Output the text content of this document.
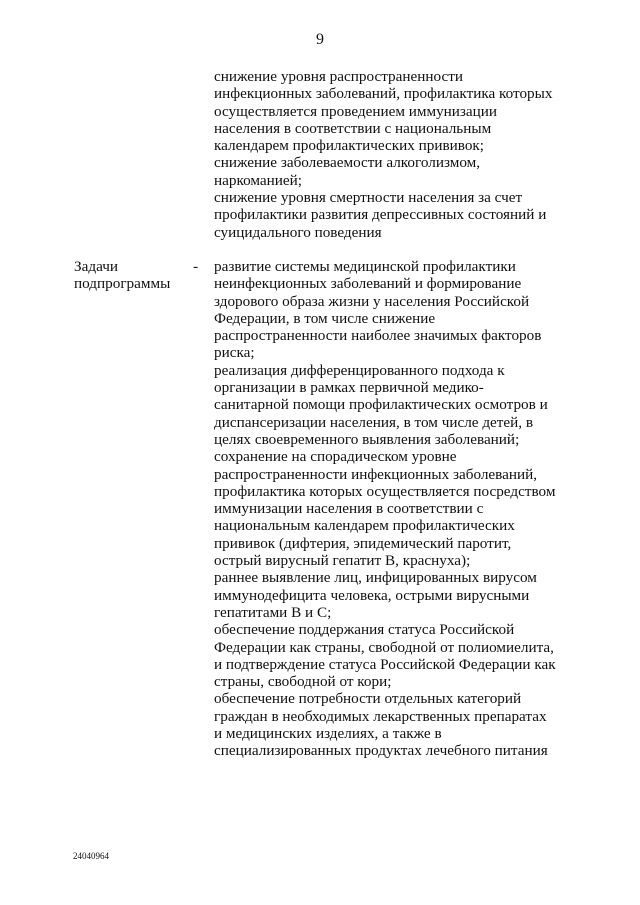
9
снижение уровня распространенности
инфекционных заболеваний, профилактика которых
осуществляется проведением иммунизации
населения в соответствии с национальным
календарем профилактических прививок;
снижение заболеваемости алкоголизмом,
наркоманией;
снижение уровня смертности населения за счет
профилактики развития депрессивных состояний и
суицидального поведения
Задачи
подпрограммы
- развитие системы медицинской профилактики
неинфекционных заболеваний и формирование
здорового образа жизни у населения Российской
Федерации, в том числе снижение
распространенности наиболее значимых факторов
риска;
реализация дифференцированного подхода к
организации в рамках первичной медико-
санитарной помощи профилактических осмотров и
диспансеризации населения, в том числе детей, в
целях своевременного выявления заболеваний;
сохранение на спорадическом уровне
распространенности инфекционных заболеваний,
профилактика которых осуществляется посредством
иммунизации населения в соответствии с
национальным календарем профилактических
прививок (дифтерия, эпидемический паротит,
острый вирусный гепатит В, краснуха);
раннее выявление лиц, инфицированных вирусом
иммунодефицита человека, острыми вирусными
гепатитами В и С;
обеспечение поддержания статуса Российской
Федерации как страны, свободной от полиомиелита,
и подтверждение статуса Российской Федерации как
страны, свободной от кори;
обеспечение потребности отдельных категорий
граждан в необходимых лекарственных препаратах
и медицинских изделиях, а также в
специализированных продуктах лечебного питания
24040964
